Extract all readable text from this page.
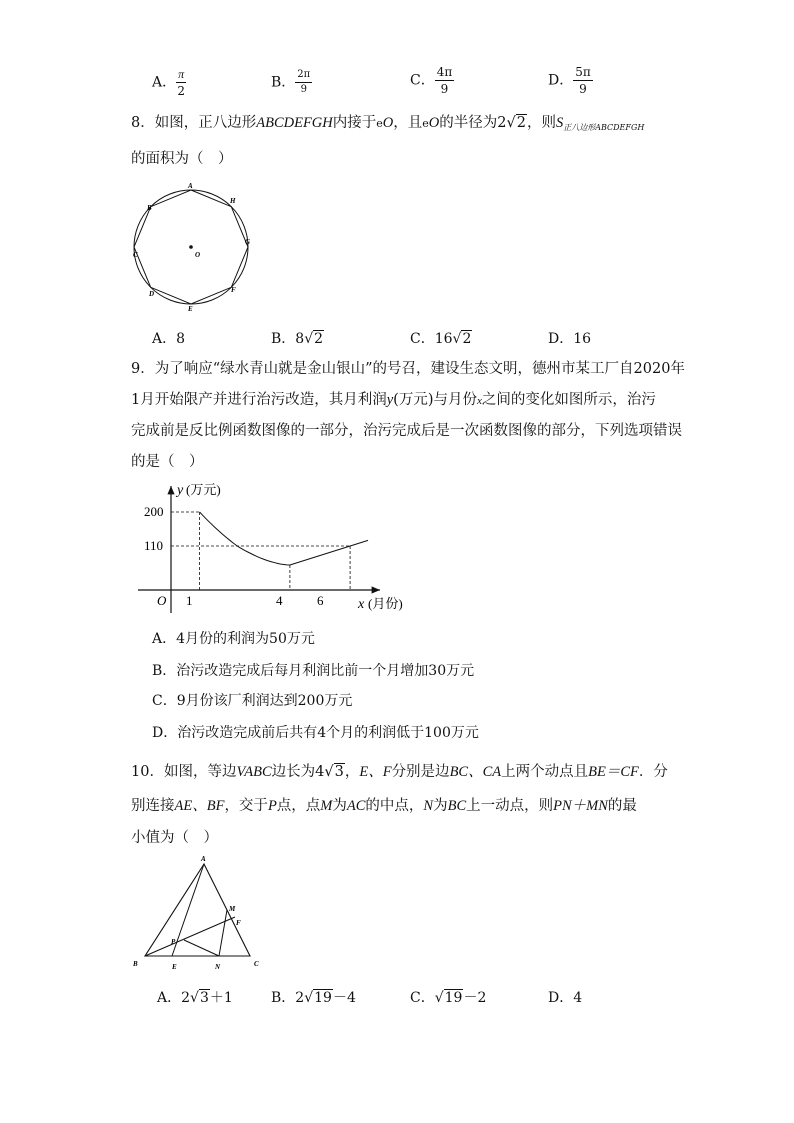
A． $\frac{\pi}{2}$	B． $\frac{2\pi}{9}$	C． $\frac{4\pi}{9}$	D． $\frac{5\pi}{9}$
8．如图，正八边形ABCDEFGH内接于eO，且eO的半径为2√2，则$S_{正八边形ABCDEFGH}$
的面积为（　）
A
H
G
F
E
D
C
B
O
A．8	B．8√2	C．16√2	D．16
9．为了响应“绿水青山就是金山银山”的号召，建设生态文明，德州市某工厂自2020年
1月开始限产并进行治污改造，其月利润y(万元)与月份x之间的变化如图所示，治污
完成前是反比例函数图像的一部分，治污完成后是一次函数图像的部分，下列选项错误
的是（　）
y (万元)
x (月份)
O
200
110
1	4	6
A．4月份的利润为50万元
B．治污改造完成后每月利润比前一个月增加30万元
C．9月份该厂利润达到200万元
D．治污改造完成前后共有4个月的利润低于100万元
10．如图，等边VABC边长为4√3，E、F分别是边BC、CA上两个动点且BE＝CF．分
别连接AE、BF，交于P点，点M为AC的中点，N为BC上一动点，则PN＋MN的最
小值为（　）
A
B	C
E	N
M
F
P
A．2√3＋1	B．2√19－4	C．√19－2	D．4
